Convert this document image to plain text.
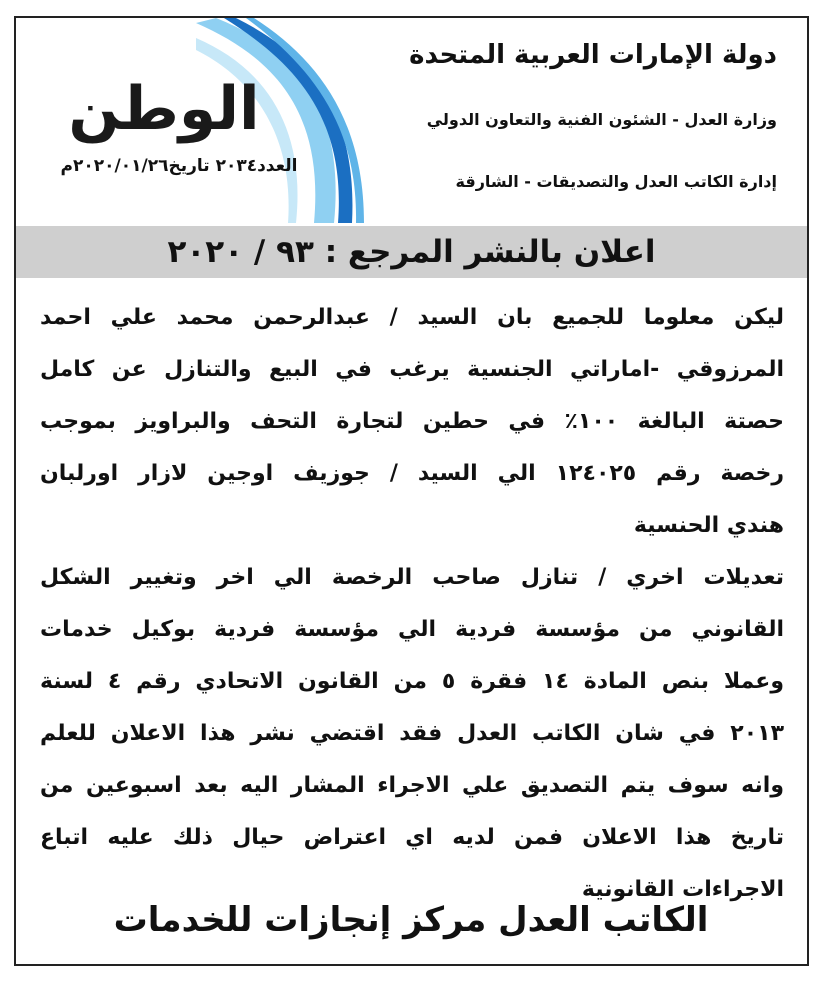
الوطن
العدد٢٠٣٤ تاريخ٢٠٢٠/٠١/٢٦م
دولة الإمارات العربية المتحدة
وزارة العدل - الشئون الفنية والتعاون الدولي
إدارة الكاتب العدل والتصديقات - الشارقة
اعلان بالنشر المرجع : ٩٣ / ٢٠٢٠
ليكن معلوما للجميع بان السيد / عبدالرحمن محمد علي احمد
المرزوقي -اماراتي الجنسية يرغب في البيع والتنازل عن كامل
حصتة البالغة ١٠٠٪ في حطين لتجارة التحف والبراويز بموجب
رخصة رقم ١٢٤٠٢٥ الي السيد / جوزيف اوجين لازار اورلبان
هندي الحنسية
تعديلات اخري / تنازل صاحب الرخصة الي اخر وتغيير الشكل
القانوني من مؤسسة فردية الي مؤسسة فردية بوكيل خدمات
وعملا بنص المادة ١٤ فقرة ٥ من القانون الاتحادي رقم ٤ لسنة
٢٠١٣ في شان الكاتب العدل فقد اقتضي نشر هذا الاعلان للعلم
وانه سوف يتم التصديق علي الاجراء المشار اليه بعد اسبوعين من
تاريخ هذا الاعلان فمن لديه اي اعتراض حيال ذلك عليه اتباع
الاجراءات القانونية
الكاتب العدل مركز إنجازات للخدمات
